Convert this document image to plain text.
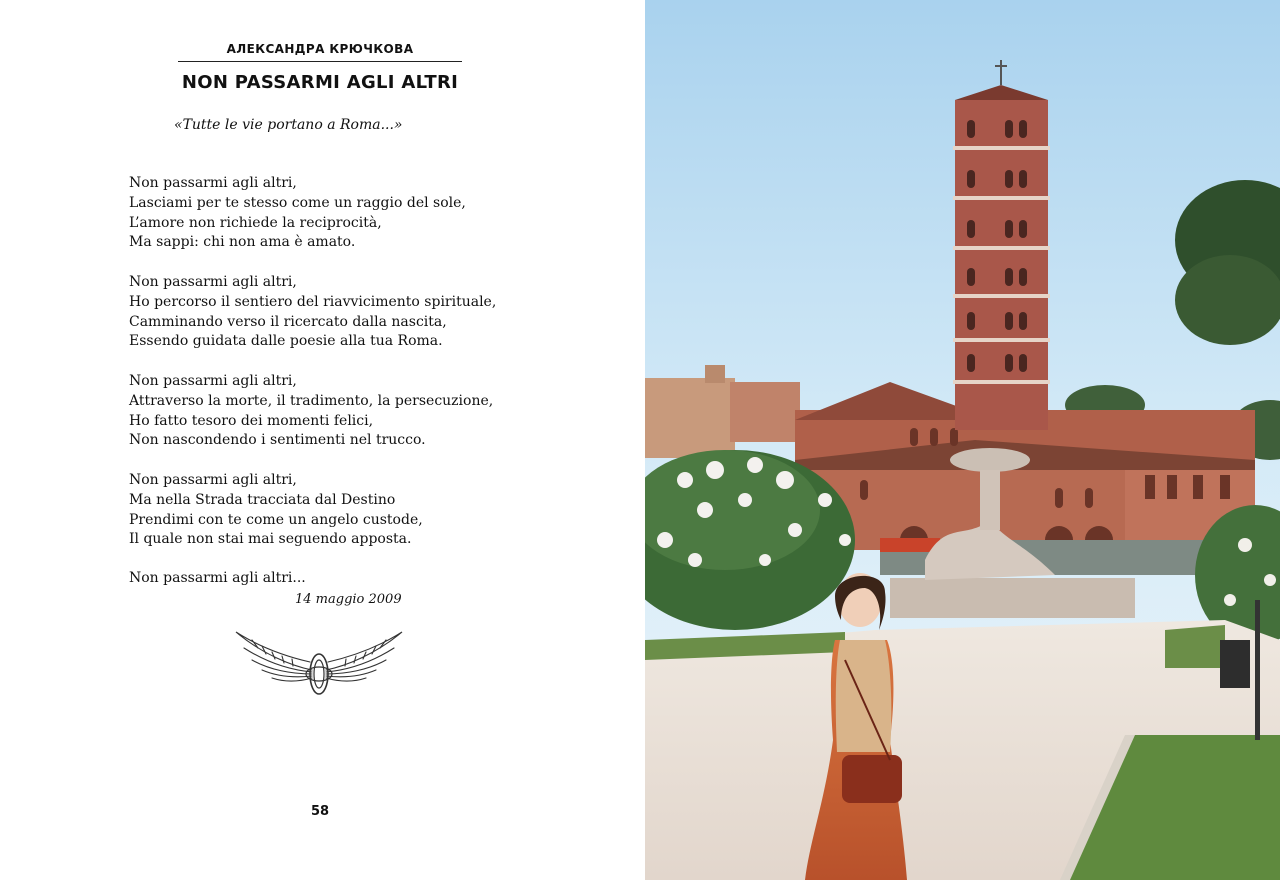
АЛЕКСАНДРА КРЮЧКОВА
NON PASSARMI AGLI ALTRI
«Tutte le vie portano a Roma...»
Non passarmi agli altri,
Lasciami per te stesso come un raggio del sole,
L’amore non richiede la reciprocità,
Ma sappi: chi non ama è amato.
Non passarmi agli altri,
Ho percorso il sentiero del riavvicimento spirituale,
Camminando verso il ricercato dalla nascita,
Essendo guidata dalle poesie alla tua Roma.
Non passarmi agli altri,
Attraverso la morte, il tradimento, la persecuzione,
Ho fatto tesoro dei momenti felici,
Non nascondendo i sentimenti nel trucco.
Non passarmi agli altri,
Ma nella Strada tracciata dal Destino
Prendimi con te come un angelo custode,
Il quale non stai mai seguendo apposta.
Non passarmi agli altri...
14 maggio 2009
58
